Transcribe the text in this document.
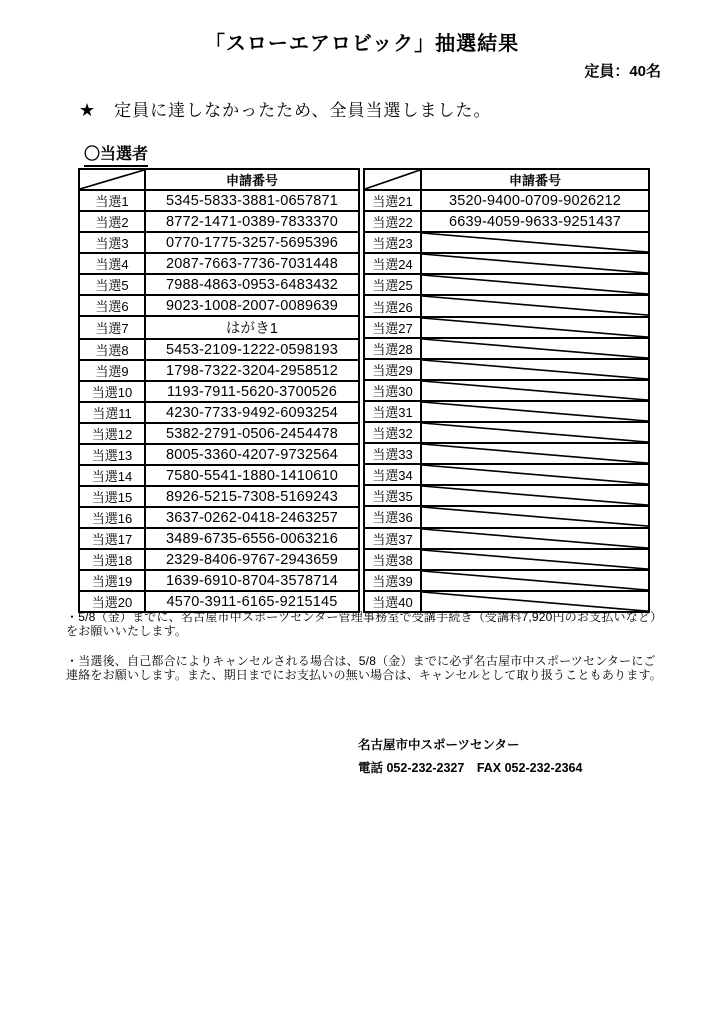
「スローエアロビック」抽選結果
定員：40名
★ 定員に達しなかったため、全員当選しました。
〇当選者
	申請番号
当選1	5345-5833-3881-0657871
当選2	8772-1471-0389-7833370
当選3	0770-1775-3257-5695396
当選4	2087-7663-7736-7031448
当選5	7988-4863-0953-6483432
当選6	9023-1008-2007-0089639
当選7	はがき1
当選8	5453-2109-1222-0598193
当選9	1798-7322-3204-2958512
当選10	1193-7911-5620-3700526
当選11	4230-7733-9492-6093254
当選12	5382-2791-0506-2454478
当選13	8005-3360-4207-9732564
当選14	7580-5541-1880-1410610
当選15	8926-5215-7308-5169243
当選16	3637-0262-0418-2463257
当選17	3489-6735-6556-0063216
当選18	2329-8406-9767-2943659
当選19	1639-6910-8704-3578714
当選20	4570-3911-6165-9215145
	申請番号
当選21	3520-9400-0709-9026212
当選22	6639-4059-9633-9251437
当選23	

当選24	

当選25	

当選26	

当選27	

当選28	

当選29	

当選30	

当選31	

当選32	

当選33	

当選34	

当選35	

当選36	

当選37	

当選38	

当選39	

当選40	

・5/8（金）までに、名古屋市中スポーツセンター管理事務室で受講手続き（受講料7,920円のお支払いなど）をお願いいたします。

・当選後、自己都合によりキャンセルされる場合は、5/8（金）までに必ず名古屋市中スポーツセンターにご連絡をお願いします。また、期日までにお支払いの無い場合は、キャンセルとして取り扱うこともあります。

名古屋市中スポーツセンター
電話 052-232-2327　FAX 052-232-2364
